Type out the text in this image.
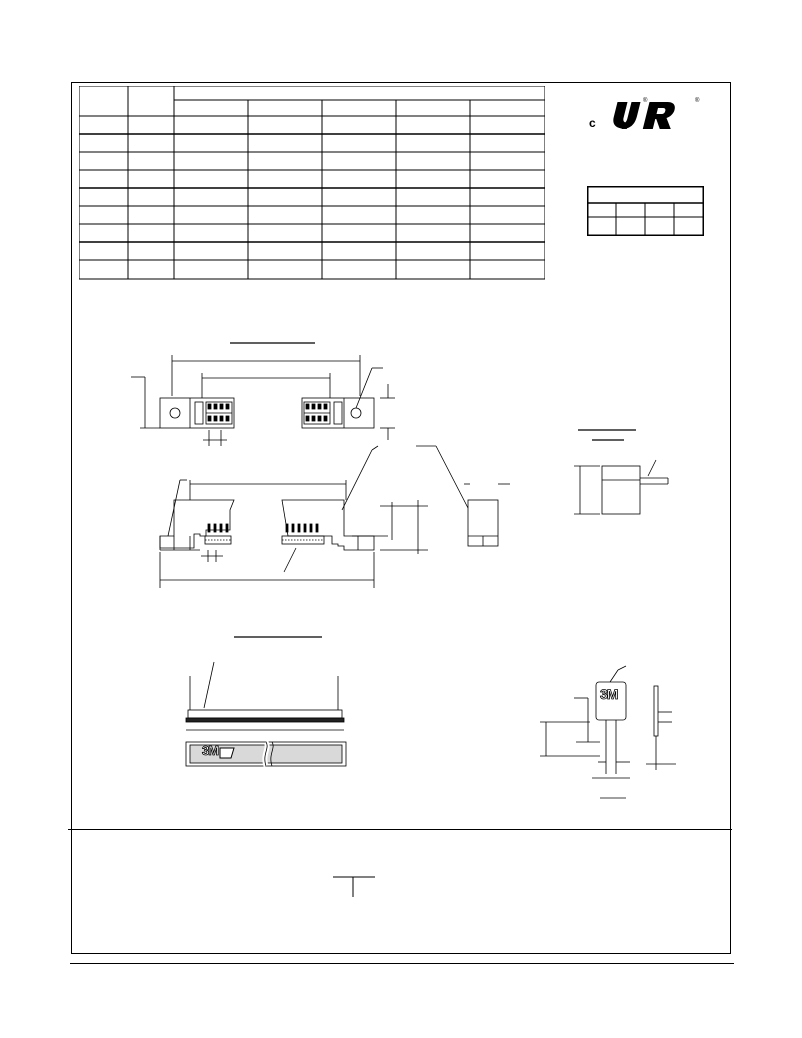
c
®	®
3M
3M
